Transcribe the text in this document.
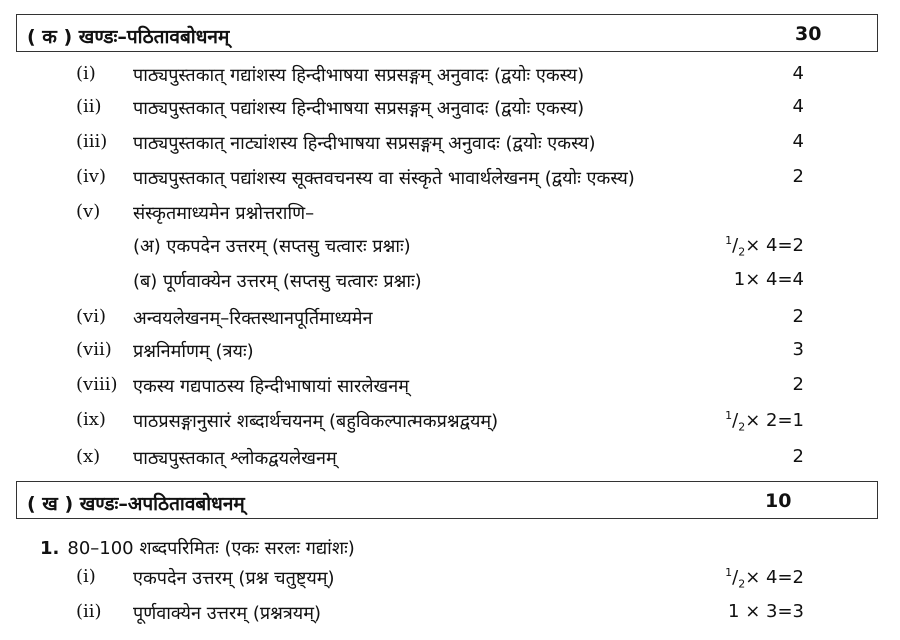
( क ) खण्डः–पठितावबोधनम्	30
(i) पाठ्यपुस्तकात् गद्यांशस्य हिन्दीभाषया सप्रसङ्गम् अनुवादः (द्वयोः एकस्य)	4
(ii) पाठ्यपुस्तकात् पद्यांशस्य हिन्दीभाषया सप्रसङ्गम् अनुवादः (द्वयोः एकस्य)	4
(iii) पाठ्यपुस्तकात् नाट्यांशस्य हिन्दीभाषया सप्रसङ्गम् अनुवादः (द्वयोः एकस्य)	4
(iv) पाठ्यपुस्तकात् पद्यांशस्य सूक्तवचनस्य वा संस्कृते भावार्थलेखनम् (द्वयोः एकस्य)	2
(v) संस्कृतमाध्यमेन प्रश्नोत्तराणि–
(अ) एकपदेन उत्तरम् (सप्तसु चत्वारः प्रश्नाः)	$^1/_2\times 4=2$
(ब) पूर्णवाक्येन उत्तरम् (सप्तसु चत्वारः प्रश्नाः)	1× 4=4
(vi) अन्वयलेखनम्–रिक्तस्थानपूर्तिमाध्यमेन	2
(vii) प्रश्ननिर्माणम् (त्रयः)	3
(viii) एकस्य गद्यपाठस्य हिन्दीभाषायां सारलेखनम्	2
(ix) पाठप्रसङ्गानुसारं शब्दार्थचयनम् (बहुविकल्पात्मकप्रश्नद्वयम्)	$^1/_2\times 2=1$
(x) पाठ्यपुस्तकात् श्लोकद्वयलेखनम्	2
( ख ) खण्डः–अपठितावबोधनम्	10
1. 80–100 शब्दपरिमितः (एकः सरलः गद्यांशः)
(i) एकपदेन उत्तरम् (प्रश्न चतुष्ट्यम्)	$^1/_2\times 4=2$
(ii) पूर्णवाक्येन उत्तरम् (प्रश्नत्रयम्)	1 × 3=3
